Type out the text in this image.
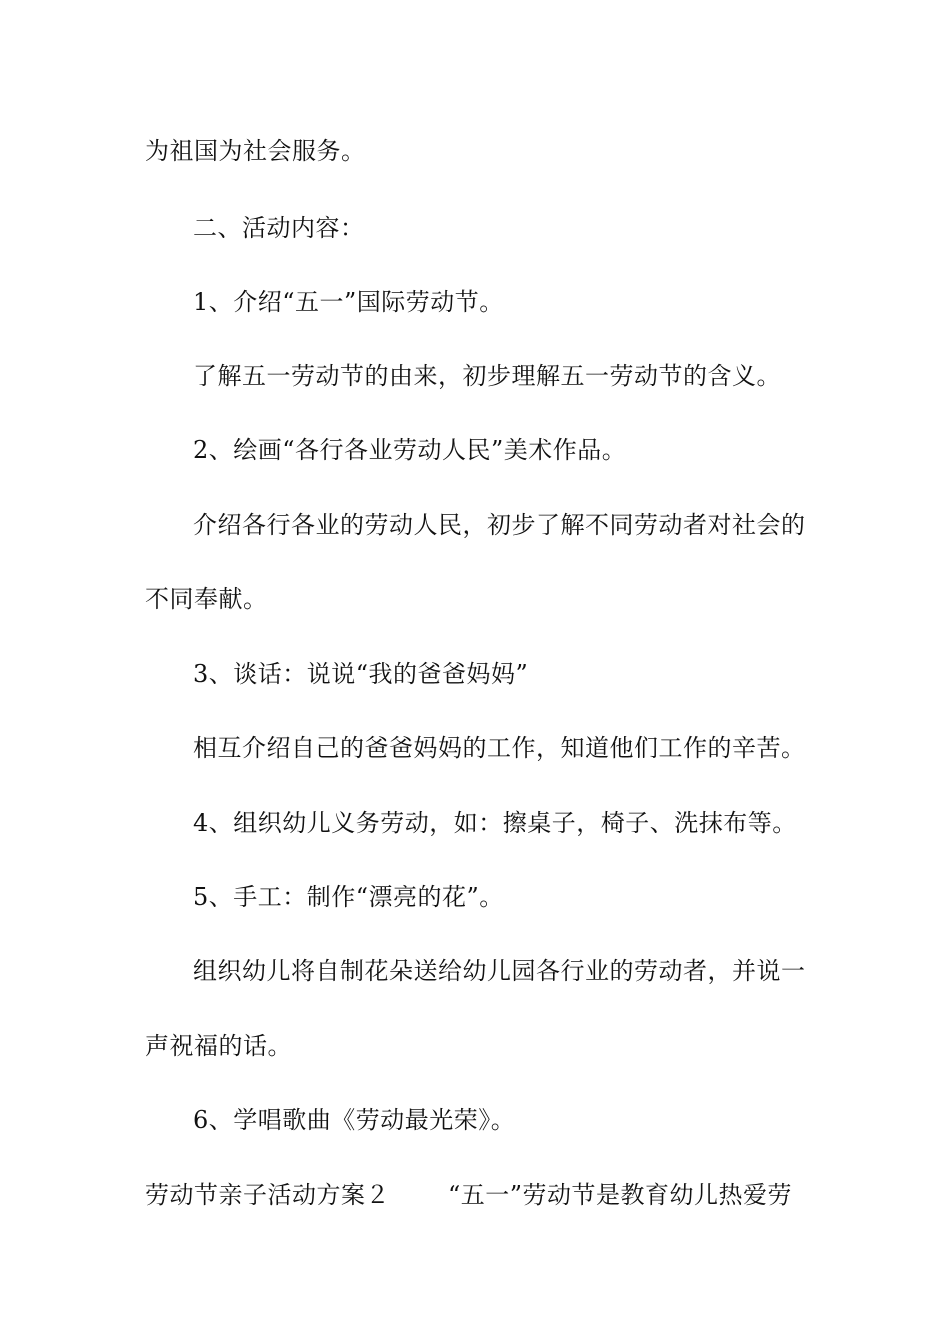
为祖国为社会服务。
二、活动内容：
1、介绍“五一”国际劳动节。
了解五一劳动节的由来，初步理解五一劳动节的含义。
2、绘画“各行各业劳动人民”美术作品。
介绍各行各业的劳动人民，初步了解不同劳动者对社会的
不同奉献。
3、谈话：说说“我的爸爸妈妈”
相互介绍自己的爸爸妈妈的工作，知道他们工作的辛苦。
4、组织幼儿义务劳动，如：擦桌子，椅子、洗抹布等。
5、手工：制作“漂亮的花”。
组织幼儿将自制花朵送给幼儿园各行业的劳动者，并说一
声祝福的话。
6、学唱歌曲《劳动最光荣》。
劳动节亲子活动方案２ “五一”劳动节是教育幼儿热爱劳
